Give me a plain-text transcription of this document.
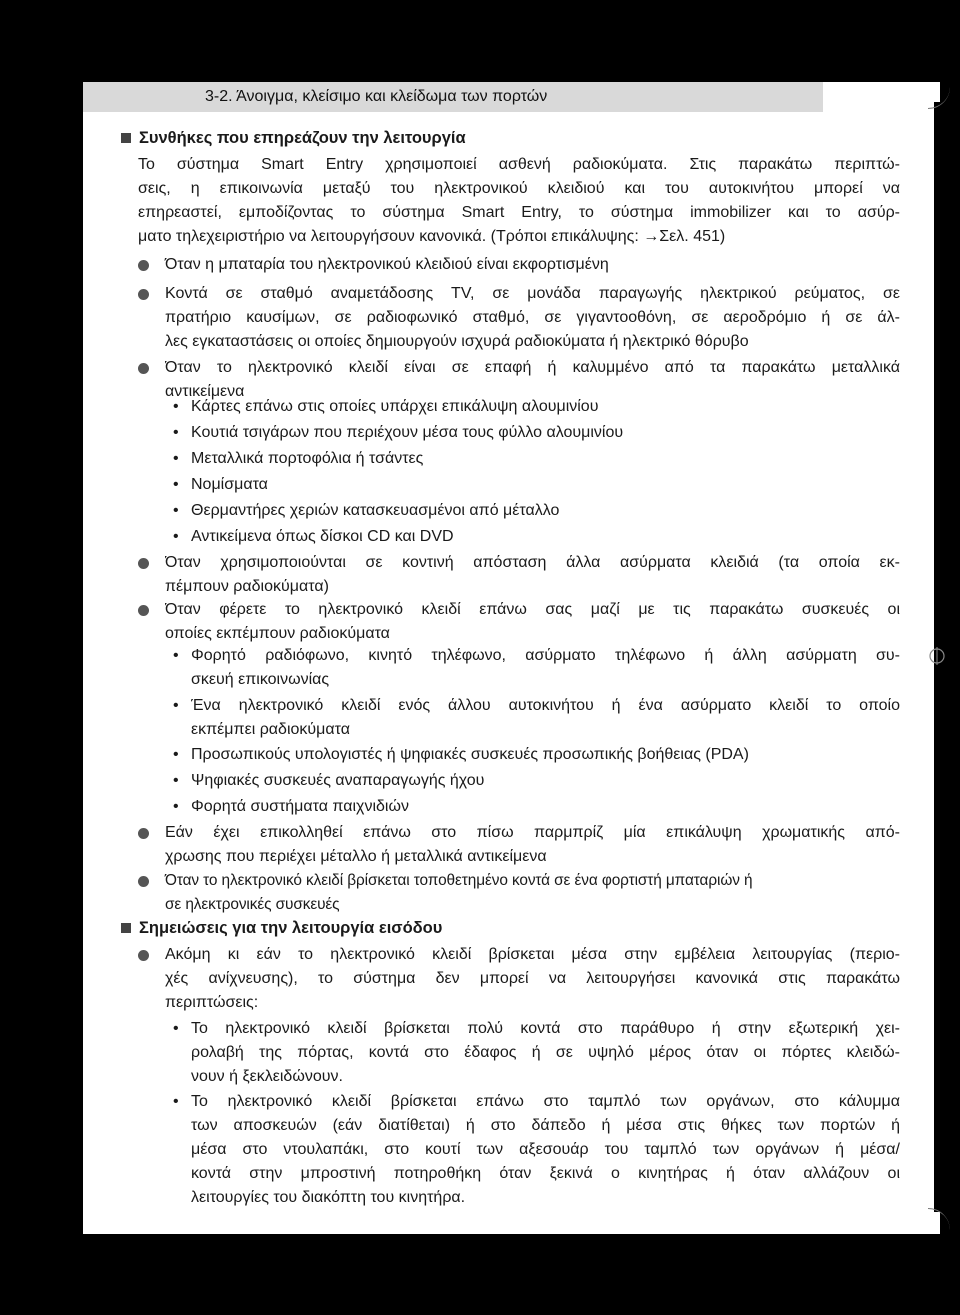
3-2. Άνοιγμα, κλείσιμο και κλείδωμα των πορτών
Συνθήκες που επηρεάζουν την λειτουργία
Το σύστημα Smart Entry χρησιμοποιεί ασθενή ραδιοκύματα. Στις παρακάτω περιπτώ-
σεις, η επικοινωνία μεταξύ του ηλεκτρονικού κλειδιού και του αυτοκινήτου μπορεί να
επηρεαστεί, εμποδίζοντας το σύστημα Smart Entry, το σύστημα immobilizer και το ασύρ-
ματο τηλεχειριστήριο να λειτουργήσουν κανονικά. (Τρόποι επικάλυψης: →Σελ. 451)
Όταν η μπαταρία του ηλεκτρονικού κλειδιού είναι εκφορτισμένη
Κοντά σε σταθμό αναμετάδοσης TV, σε μονάδα παραγωγής ηλεκτρικού ρεύματος, σε
πρατήριο καυσίμων, σε ραδιοφωνικό σταθμό, σε γιγαντοοθόνη, σε αεροδρόμιο ή σε άλ-
λες εγκαταστάσεις οι οποίες δημιουργούν ισχυρά ραδιοκύματα ή ηλεκτρικό θόρυβο
Όταν το ηλεκτρονικό κλειδί είναι σε επαφή ή καλυμμένο από τα παρακάτω μεταλλικά
αντικείμενα
• Κάρτες επάνω στις οποίες υπάρχει επικάλυψη αλουμινίου
• Κουτιά τσιγάρων που περιέχουν μέσα τους φύλλο αλουμινίου
• Μεταλλικά πορτοφόλια ή τσάντες
• Νομίσματα
• Θερμαντήρες χεριών κατασκευασμένοι από μέταλλο
• Αντικείμενα όπως δίσκοι CD και DVD
Όταν χρησιμοποιούνται σε κοντινή απόσταση άλλα ασύρματα κλειδιά (τα οποία εκ-
πέμπουν ραδιοκύματα)
Όταν φέρετε το ηλεκτρονικό κλειδί επάνω σας μαζί με τις παρακάτω συσκευές οι
οποίες εκπέμπουν ραδιοκύματα
• Φορητό ραδιόφωνο, κινητό τηλέφωνο, ασύρματο τηλέφωνο ή άλλη ασύρματη συ-
σκευή επικοινωνίας
• Ένα ηλεκτρονικό κλειδί ενός άλλου αυτοκινήτου ή ένα ασύρματο κλειδί το οποίο
εκπέμπει ραδιοκύματα
• Προσωπικούς υπολογιστές ή ψηφιακές συσκευές προσωπικής βοήθειας (PDA)
• Ψηφιακές συσκευές αναπαραγωγής ήχου
• Φορητά συστήματα παιχνιδιών
Εάν έχει επικολληθεί επάνω στο πίσω παρμπρίζ μία επικάλυψη χρωματικής από-
χρωσης που περιέχει μέταλλο ή μεταλλικά αντικείμενα
Όταν το ηλεκτρονικό κλειδί βρίσκεται τοποθετημένο κοντά σε ένα φορτιστή μπαταριών ή
σε ηλεκτρονικές συσκευές
Σημειώσεις για την λειτουργία εισόδου
Ακόμη κι εάν το ηλεκτρονικό κλειδί βρίσκεται μέσα στην εμβέλεια λειτουργίας (περιο-
χές ανίχνευσης), το σύστημα δεν μπορεί να λειτουργήσει κανονικά στις παρακάτω
περιπτώσεις:
• Το ηλεκτρονικό κλειδί βρίσκεται πολύ κοντά στο παράθυρο ή στην εξωτερική χει-
ρολαβή της πόρτας, κοντά στο έδαφος ή σε υψηλό μέρος όταν οι πόρτες κλειδώ-
νουν ή ξεκλειδώνουν.
• Το ηλεκτρονικό κλειδί βρίσκεται επάνω στο ταμπλό των οργάνων, στο κάλυμμα
των αποσκευών (εάν διατίθεται) ή στο δάπεδο ή μέσα στις θήκες των πορτών ή
μέσα στο ντουλαπάκι, στο κουτί των αξεσουάρ του ταμπλό των οργάνων ή μέσα/
κοντά στην μπροστινή ποτηροθήκη όταν ξεκινά ο κινητήρας ή όταν αλλάζουν οι
λειτουργίες του διακόπτη του κινητήρα.
